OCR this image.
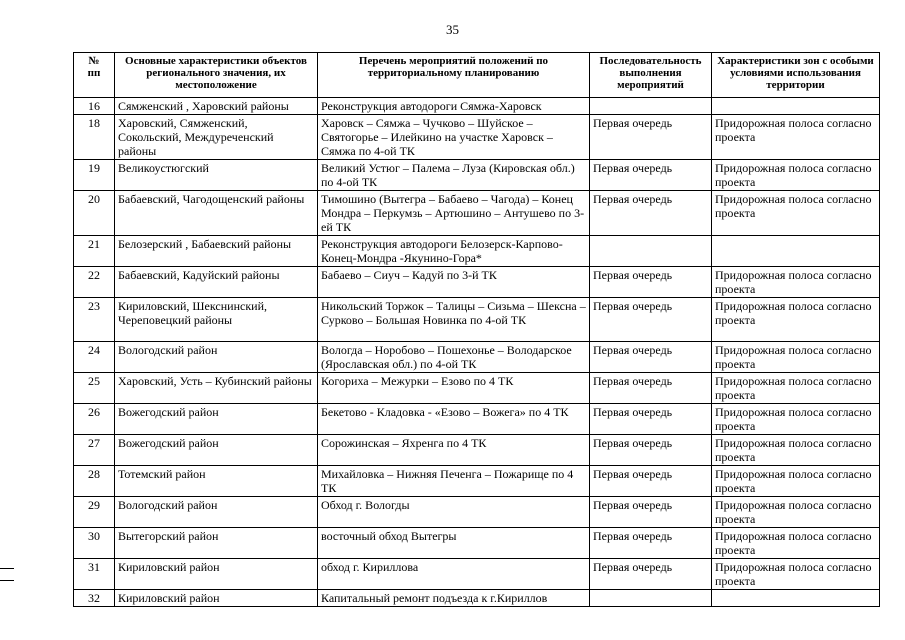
35
№
пп	Основные характеристики объектов регионального значения, их местоположение	Перечень мероприятий положений по территориальному планированию	Последовательность выполнения мероприятий	Характеристики зон с особыми условиями использования территории
16	Сямженский , Харовский районы	Реконструкция автодороги Сямжа-Харовск		
18	Харовский, Сямженский, Сокольский, Междуреченский районы	Харовск – Сямжа – Чучково – Шуйское – Святогорье – Илейкино на участке Харовск – Сямжа по 4-ой ТК	Первая очередь	Придорожная полоса согласно проекта
19	Великоустюгский	Великий Устюг – Палема – Луза (Кировская обл.) по 4-ой ТК	Первая очередь	Придорожная полоса согласно проекта
20	Бабаевский, Чагодощенский районы	Тимошино (Вытегра – Бабаево – Чагода) – Конец Мондра – Перкумзь – Артюшино – Антушево по 3-ей ТК	Первая очередь	Придорожная полоса согласно проекта
21	Белозерский , Бабаевский районы	Реконструкция автодороги Белозерск-Карпово-Конец-Мондра -Якунино-Гора*		
22	Бабаевский, Кадуйский районы	Бабаево – Сиуч – Кадуй по 3-й ТК	Первая очередь	Придорожная полоса согласно проекта
23	Кириловский, Шекснинский, Череповецкий районы	Никольский Торжок – Талицы – Сизьма – Шексна – Сурково – Большая Новинка по 4-ой ТК	Первая очередь	Придорожная полоса согласно проекта
24	Вологодский район	Вологда – Норобово – Пошехонье – Володарское (Ярославская обл.) по 4-ой ТК	Первая очередь	Придорожная полоса согласно проекта
25	Харовский, Усть – Кубинский районы	Когориха – Межурки – Езово по 4 ТК	Первая очередь	Придорожная полоса согласно проекта
26	Вожегодский район	Бекетово - Кладовка - «Езово – Вожега» по 4 ТК	Первая очередь	Придорожная полоса согласно проекта
27	Вожегодский район	Сорожинская – Яхренга по 4 ТК	Первая очередь	Придорожная полоса согласно проекта
28	Тотемский район	Михайловка – Нижняя Печенга – Пожарище по 4 ТК	Первая очередь	Придорожная полоса согласно проекта
29	Вологодский район	Обход г. Вологды	Первая очередь	Придорожная полоса согласно проекта
30	Вытегорский район	восточный обход Вытегры	Первая очередь	Придорожная полоса согласно проекта
31	Кириловский район	обход г. Кириллова	Первая очередь	Придорожная полоса согласно проекта
32	Кириловский район	Капитальный ремонт подъезда к г.Кириллов		
